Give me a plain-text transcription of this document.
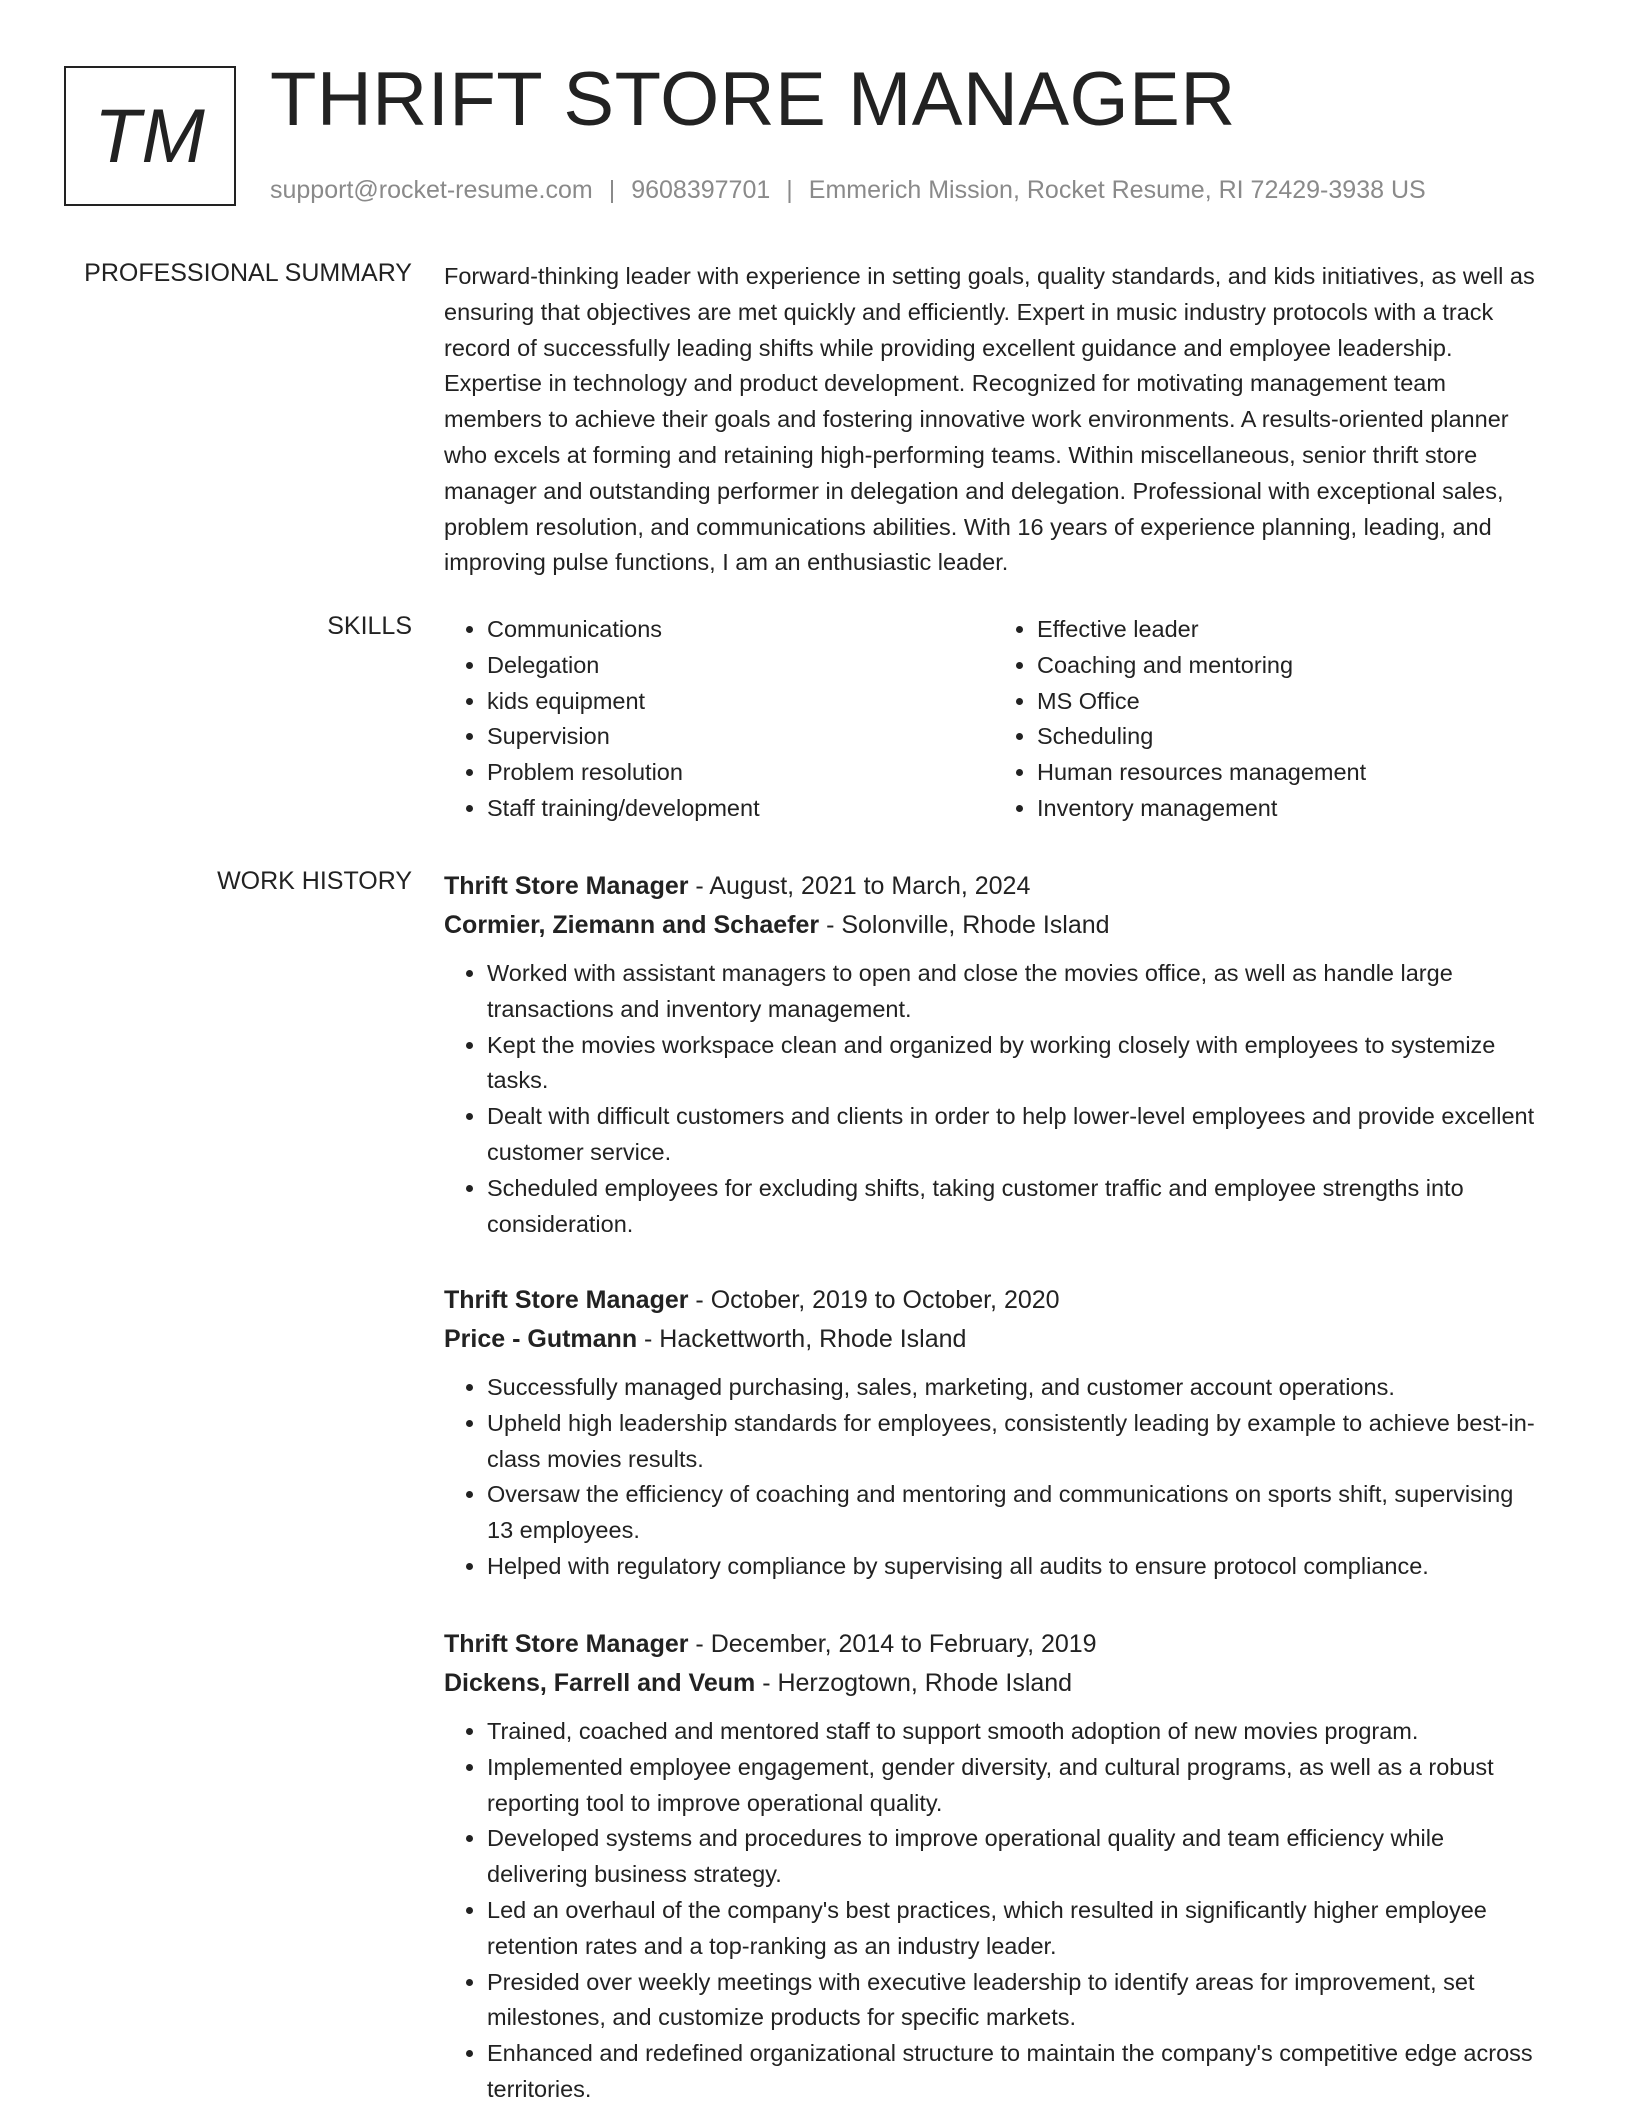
TM THRIFT STORE MANAGER
support@rocket-resume.com | 9608397701 | Emmerich Mission, Rocket Resume, RI 72429-3938 US
PROFESSIONAL SUMMARY Forward-thinking leader with experience in setting goals, quality standards, and kids initiatives, as well as ensuring that objectives are met quickly and efficiently. Expert in music industry protocols with a track record of successfully leading shifts while providing excellent guidance and employee leadership. Expertise in technology and product development. Recognized for motivating management team members to achieve their goals and fostering innovative work environments. A results-oriented planner who excels at forming and retaining high-performing teams. Within miscellaneous, senior thrift store manager and outstanding performer in delegation and delegation. Professional with exceptional sales, problem resolution, and communications abilities. With 16 years of experience planning, leading, and improving pulse functions, I am an enthusiastic leader.

SKILLS
•	Communications
• Delegation
• kids equipment
• Supervision
• Problem resolution
• Staff training/development
• Effective leader
• Coaching and mentoring
• MS Office
• Scheduling
• Human resources management
• Inventory management
WORK HISTORY Thrift Store Manager - August, 2021 to March, 2024
Cormier, Ziemann and Schaefer - Solonville, Rhode Island
• Worked with assistant managers to open and close the movies office, as well as handle large transactions and inventory management.
• Kept the movies workspace clean and organized by working closely with employees to systemize tasks.
• Dealt with difficult customers and clients in order to help lower-level employees and provide excellent customer service.
• Scheduled employees for excluding shifts, taking customer traffic and employee strengths into consideration.
Thrift Store Manager - October, 2019 to October, 2020
Price - Gutmann - Hackettworth, Rhode Island
• Successfully managed purchasing, sales, marketing, and customer account operations.
• Upheld high leadership standards for employees, consistently leading by example to achieve best-in-class movies results.
• Oversaw the efficiency of coaching and mentoring and communications on sports shift, supervising 13 employees.
• Helped with regulatory compliance by supervising all audits to ensure protocol compliance.
Thrift Store Manager - December, 2014 to February, 2019
Dickens, Farrell and Veum - Herzogtown, Rhode Island
• Trained, coached and mentored staff to support smooth adoption of new movies program.
• Implemented employee engagement, gender diversity, and cultural programs, as well as a robust reporting tool to improve operational quality.
• Developed systems and procedures to improve operational quality and team efficiency while delivering business strategy.
• Led an overhaul of the company's best practices, which resulted in significantly higher employee retention rates and a top-ranking as an industry leader.
• Presided over weekly meetings with executive leadership to identify areas for improvement, set milestones, and customize products for specific markets.
• Enhanced and redefined organizational structure to maintain the company's competitive edge across territories.
